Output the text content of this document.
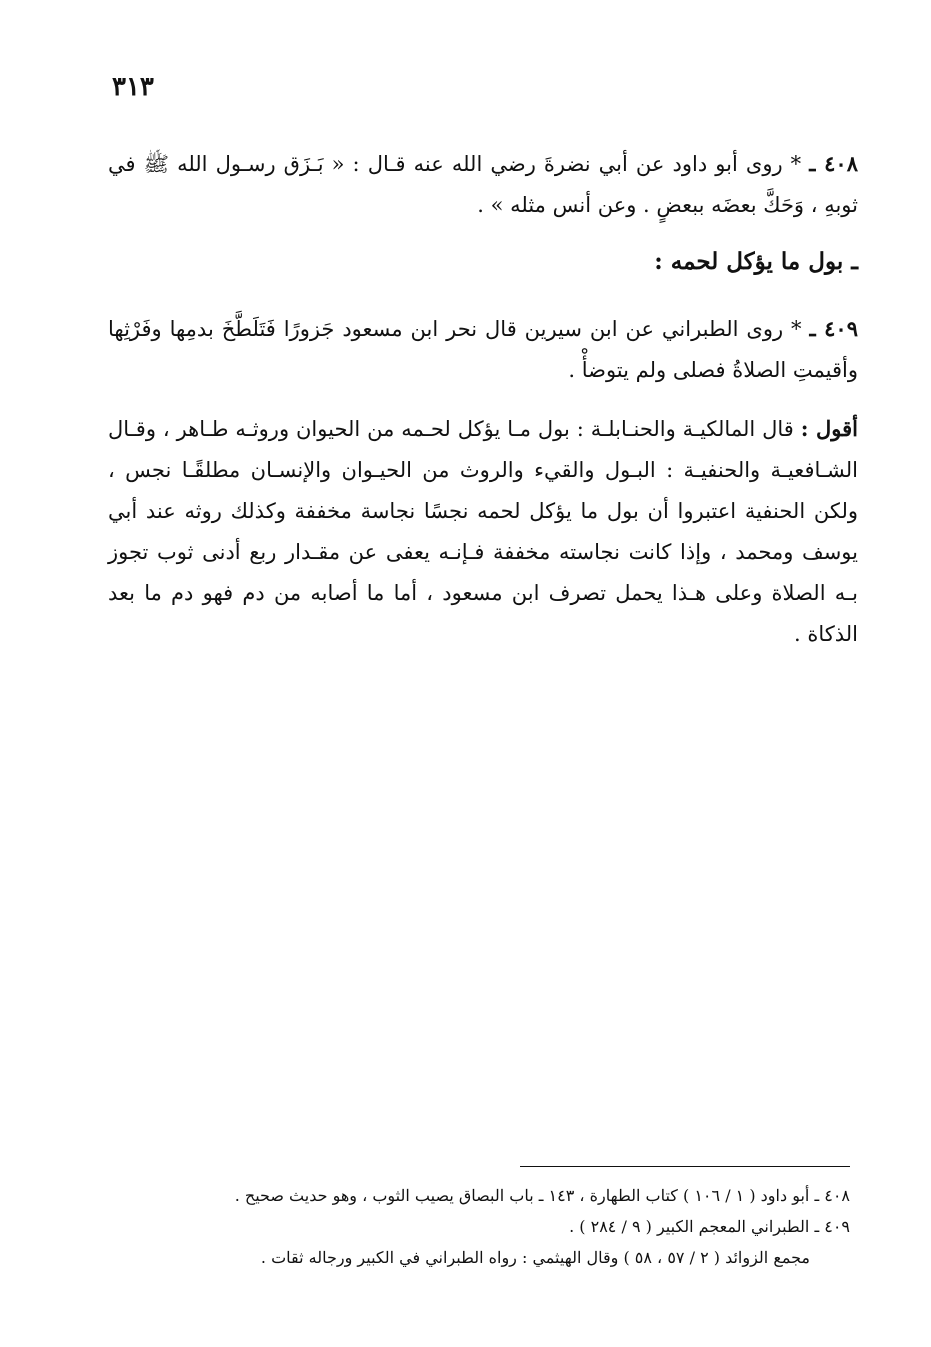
٣١٣
٤٠٨ ـ * روى أبو داود عن أبي نضرةَ رضي الله عنه قـال : « بَـزَق رسـول الله ﷺ في ثوبهِ ، وَحَكَّ بعضَه ببعضٍ . وعن أنس مثله » .
ـ بول ما يؤكل لحمه :
٤٠٩ ـ * روى الطبراني عن ابن سيرين قال نحر ابن مسعود جَزورًا فَتَلَطَّخَ بدمِها وفَرْثِها وأقيمتِ الصلاةُ فصلى ولم يتوضأْ .
أقول : قال المالكيـة والحنـابلـة : بول مـا يؤكل لحـمه من الحيوان وروثـه طـاهر ، وقـال الشـافعيـة والحنفيـة : البـول والقيء والروث من الحيـوان والإنسـان مطلقًـا نجس ، ولكن الحنفية اعتبروا أن بول ما يؤكل لحمه نجسًا نجاسة مخففة وكذلك روثه عند أبي يوسف ومحمد ، وإذا كانت نجاسته مخففة فـإنـه يعفى عن مقـدار ربع أدنى ثوب تجوز بـه الصلاة وعلى هـذا يحمل تصرف ابن مسعود ، أما ما أصابه من دم فهو دم ما بعد الذكاة .

٤٠٨ ـ أبو داود ( ١ / ١٠٦ ) كتاب الطهارة ، ١٤٣ ـ باب البصاق يصيب الثوب ، وهو حديث صحيح .

٤٠٩ ـ الطبراني المعجم الكبير ( ٩ / ٢٨٤ ) .

مجمع الزوائد ( ٢ / ٥٧ ، ٥٨ ) وقال الهيثمي : رواه الطبراني في الكبير ورجاله ثقات .
